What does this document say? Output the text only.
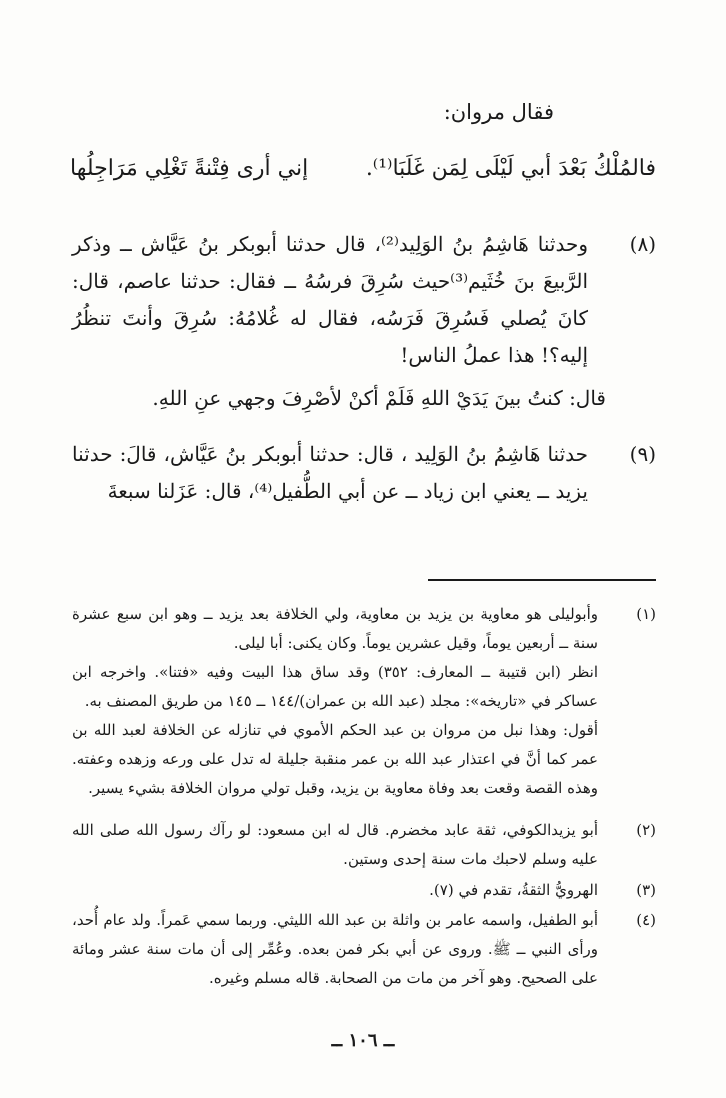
فقال مروان:
إني أرى فِتْنةً تَغْلِي مَرَاجِلُها	فالمُلْكُ بَعْدَ أبي لَيْلَى لِمَن غَلَبَا⁽¹⁾.
(٨)
وحدثنا هَاشِمُ بنُ الوَلِيد⁽²⁾، قال حدثنا أبوبكر بنُ عَيَّاش ــ وذكر الرَّبيعَ بنَ خُثَيم⁽³⁾حيث سُرِقَ فرسُهُ ــ فقال: حدثنا عاصم، قال: كانَ يُصلي فَسُرِقَ فَرَسُه، فقال له غُلامُهُ: سُرِقَ وأنتَ تنظُرُ إليه؟! هذا عملُ الناس!
قال: كنتُ بينَ يَدَيْ اللهِ فَلَمْ أكنْ لأصْرِفَ وجهي عنِ اللهِ.
(٩)
حدثنا هَاشِمُ بنُ الوَلِيد ، قال: حدثنا أبوبكر بنُ عَيَّاش، قالَ: حدثنا يزيد ــ يعني ابن زياد ــ عن أبي الطُّفيل⁽⁴⁾، قال: عَزَلنا سبعةَ
(١)
وأبوليلى هو معاوية بن يزيد بن معاوية، ولي الخلافة بعد يزيد ــ وهو ابن سبع عشرة سنة ــ أربعين يوماً، وقيل عشرين يوماً. وكان يكنى: أبا ليلى.
انظر (ابن قتيبة ــ المعارف: ٣٥٢) وقد ساق هذا البيت وفيه «فتنا». واخرجه ابن عساكر في «تاريخه»: مجلد (عبد الله بن عمران)/١٤٤ ــ ١٤٥ من طريق المصنف به.
أقول: وهذا نبل من مروان بن عبد الحكم الأموي في تنازله عن الخلافة لعبد الله بن عمر كما أنَّ في اعتذار عبد الله بن عمر منقبة جليلة له تدل على ورعه وزهده وعفته. وهذه القصة وقعت بعد وفاة معاوية بن يزيد، وقبل تولي مروان الخلافة بشيء يسير.
(٢)
أبو يزيدالكوفي، ثقة عابد مخضرم. قال له ابن مسعود: لو رآك رسول الله صلى الله عليه وسلم لاحبك مات سنة إحدى وستين.
(٣)
الهرويُّ الثقةُ، تقدم في (٧).
(٤)
أبو الطفيل، واسمه عامر بن واثلة بن عبد الله الليثي. وربما سمي عَمراً. ولد عام أُحد، ورأى النبي ــ ﷺ. وروى عن أبي بكر فمن بعده. وعُمِّر إلى أن مات سنة عشر ومائة على الصحيح. وهو آخر من مات من الصحابة. قاله مسلم وغيره.
ــ ١٠٦ ــ
